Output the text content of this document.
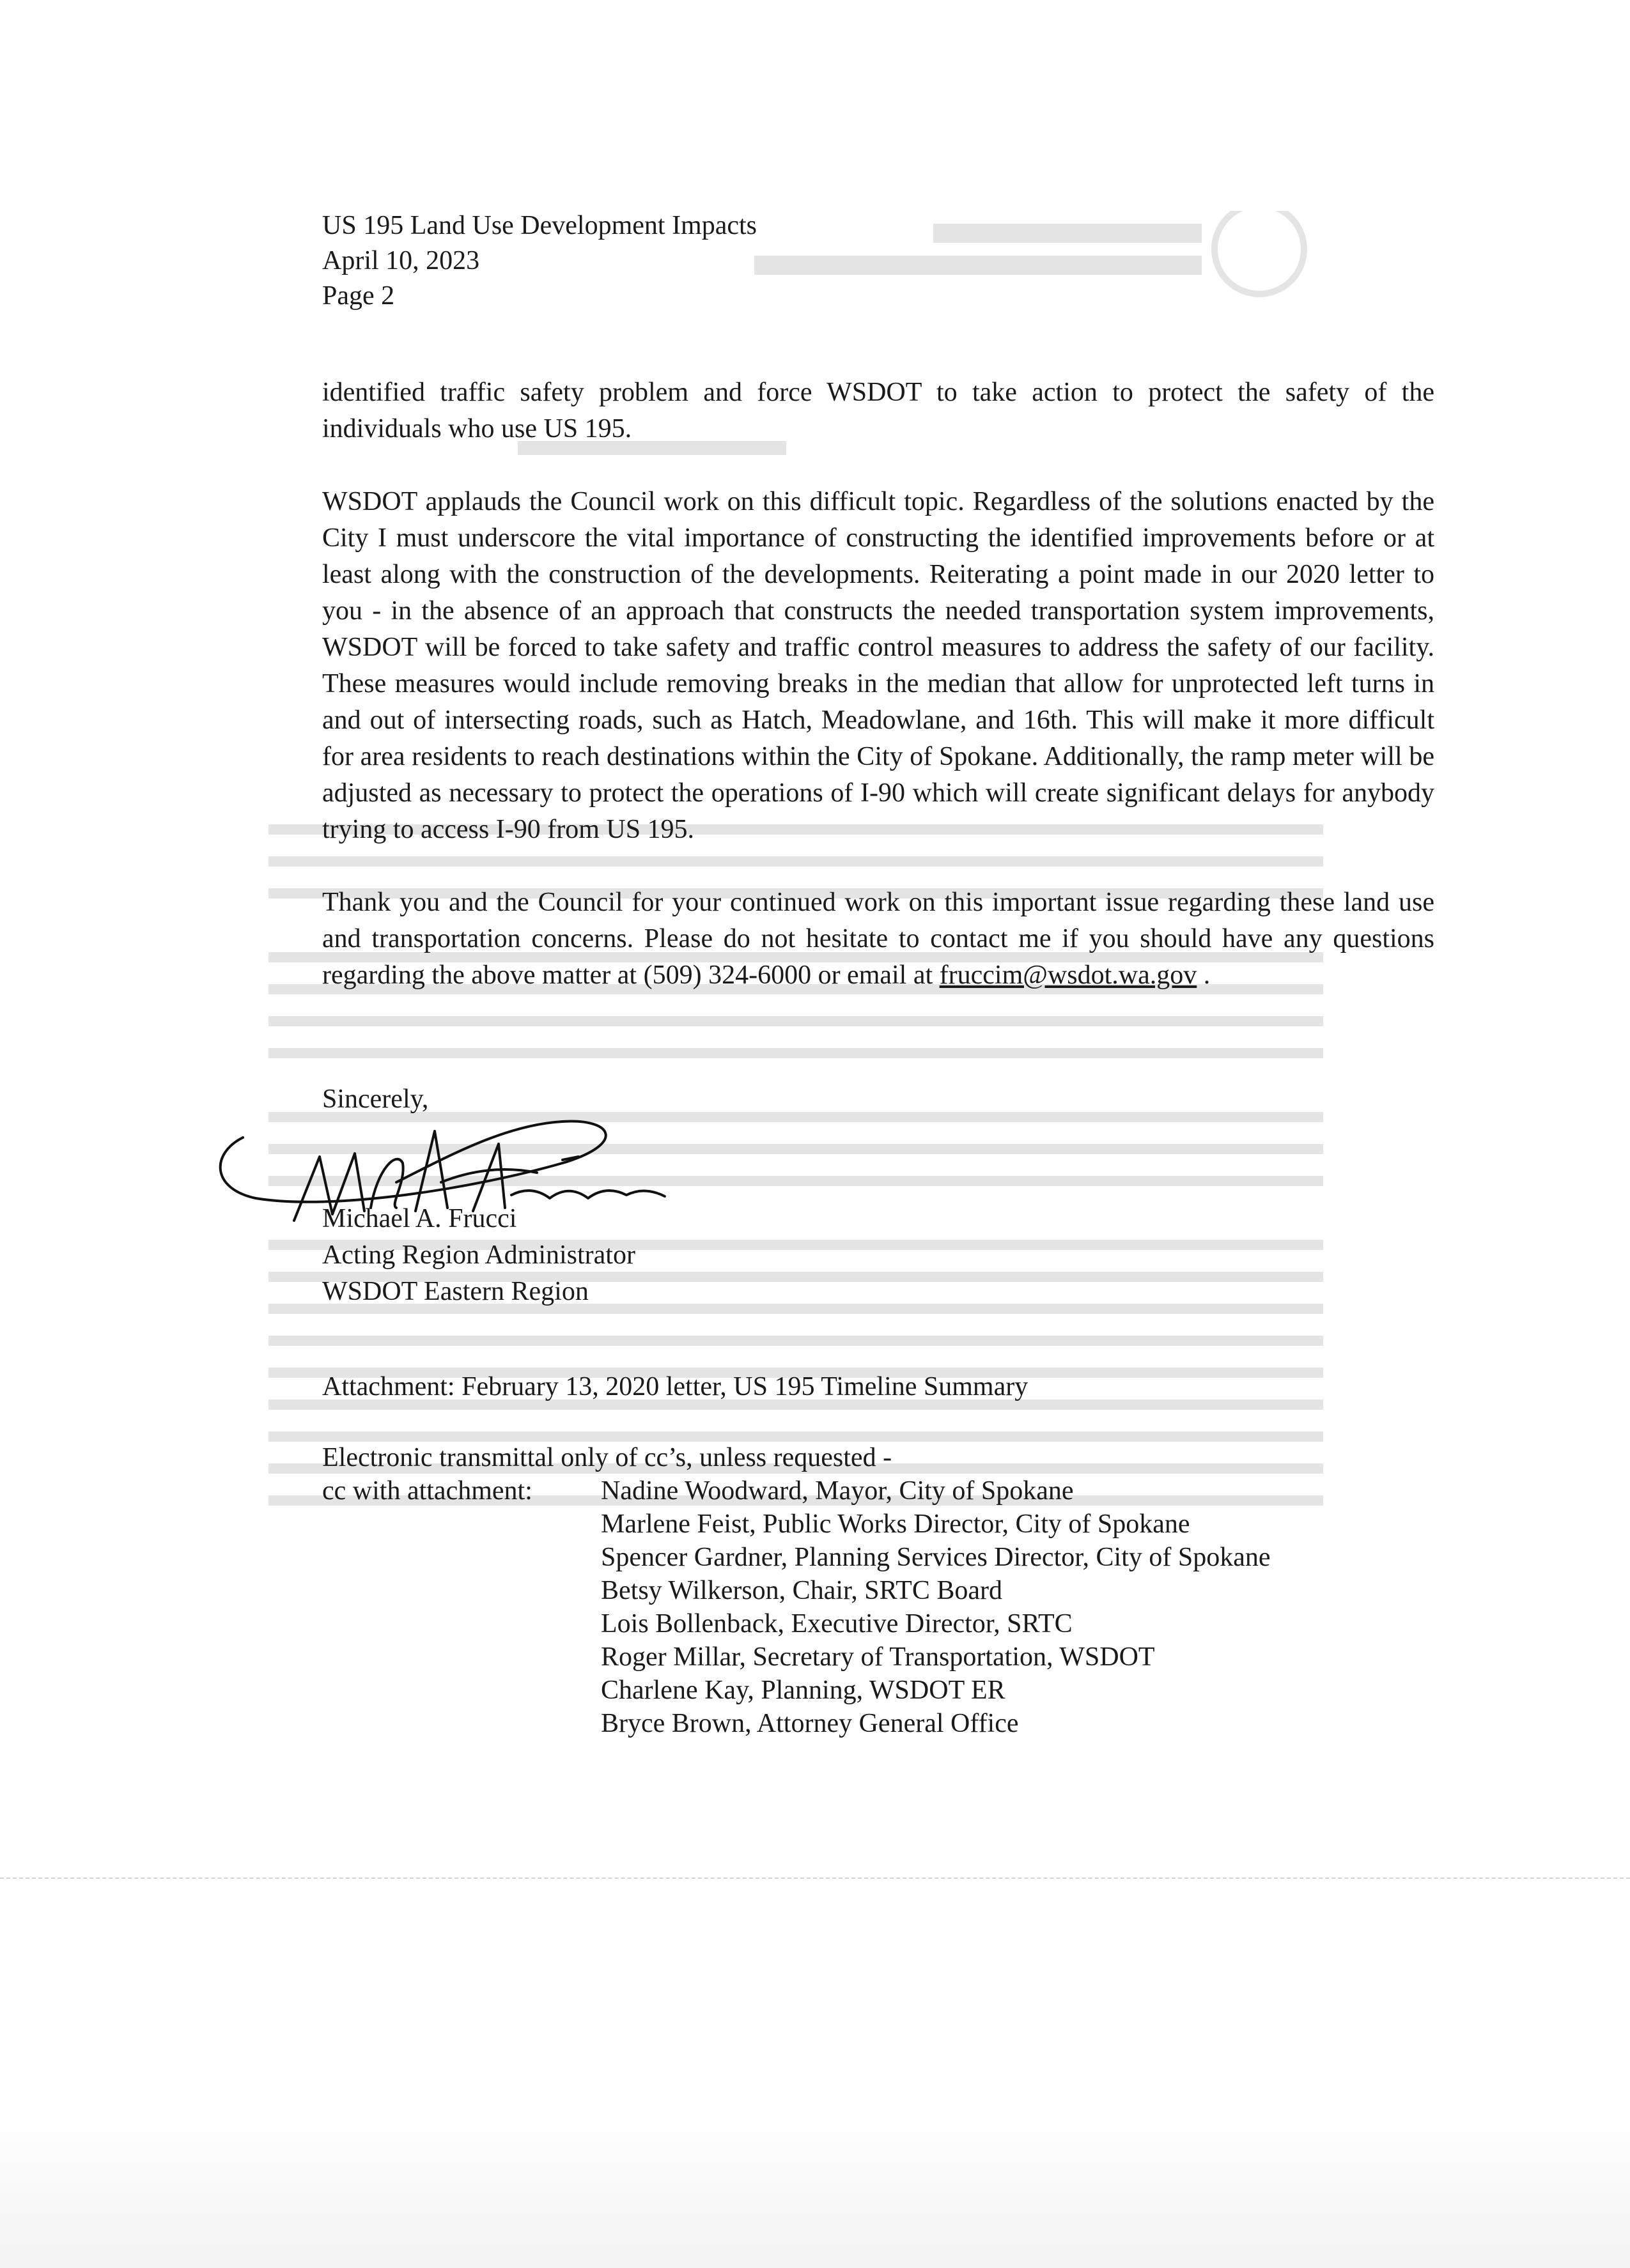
US 195 Land Use Development Impacts
April 10, 2023
Page 2

identified traffic safety problem and force WSDOT to take action to protect the safety of the individuals who use US 195.

WSDOT applauds the Council work on this difficult topic. Regardless of the solutions enacted by the City I must underscore the vital importance of constructing the identified improvements before or at least along with the construction of the developments. Reiterating a point made in our 2020 letter to you - in the absence of an approach that constructs the needed transportation system improvements, WSDOT will be forced to take safety and traffic control measures to address the safety of our facility. These measures would include removing breaks in the median that allow for unprotected left turns in and out of intersecting roads, such as Hatch, Meadowlane, and 16th. This will make it more difficult for area residents to reach destinations within the City of Spokane. Additionally, the ramp meter will be adjusted as necessary to protect the operations of I-90 which will create significant delays for anybody trying to access I-90 from US 195.

Thank you and the Council for your continued work on this important issue regarding these land use and transportation concerns. Please do not hesitate to contact me if you should have any questions regarding the above matter at (509) 324-6000 or email at fruccim@wsdot.wa.gov .

Sincerely,
Michael A. Frucci
Acting Region Administrator
WSDOT Eastern Region
Attachment: February 13, 2020 letter, US 195 Timeline Summary
Electronic transmittal only of cc’s, unless requested -
cc with attachment:	Nadine Woodward, Mayor, City of Spokane
Marlene Feist, Public Works Director, City of Spokane
Spencer Gardner, Planning Services Director, City of Spokane
Betsy Wilkerson, Chair, SRTC Board
Lois Bollenback, Executive Director, SRTC
Roger Millar, Secretary of Transportation, WSDOT
Charlene Kay, Planning, WSDOT ER
Bryce Brown, Attorney General Office
